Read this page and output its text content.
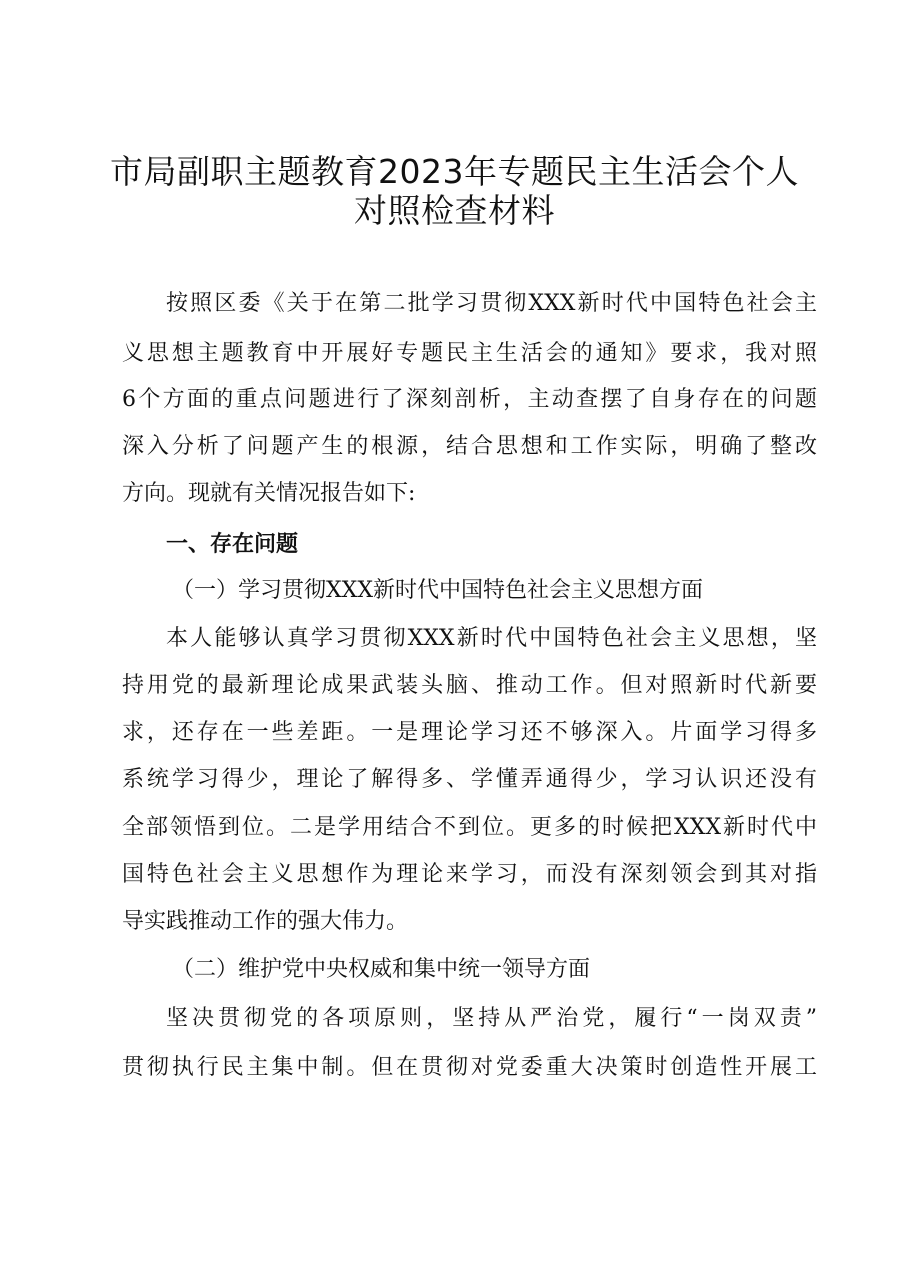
市局副职主题教育2023年专题民主生活会个人
对照检查材料
按照区委《关于在第二批学习贯彻XXX新时代中国特色社会主
义思想主题教育中开展好专题民主生活会的通知》要求，我对照
6个方面的重点问题进行了深刻剖析，主动查摆了自身存在的问题
深入分析了问题产生的根源，结合思想和工作实际，明确了整改
方向。现就有关情况报告如下:
一、存在问题
（一）学习贯彻XXX新时代中国特色社会主义思想方面
本人能够认真学习贯彻XXX新时代中国特色社会主义思想，坚
持用党的最新理论成果武装头脑、推动工作。但对照新时代新要
求，还存在一些差距。一是理论学习还不够深入。片面学习得多
系统学习得少，理论了解得多、学懂弄通得少，学习认识还没有
全部领悟到位。二是学用结合不到位。更多的时候把XXX新时代中
国特色社会主义思想作为理论来学习，而没有深刻领会到其对指
导实践推动工作的强大伟力。
（二）维护党中央权威和集中统一领导方面
坚决贯彻党的各项原则，坚持从严治党，履行“一岗双责”
贯彻执行民主集中制。但在贯彻对党委重大决策时创造性开展工
